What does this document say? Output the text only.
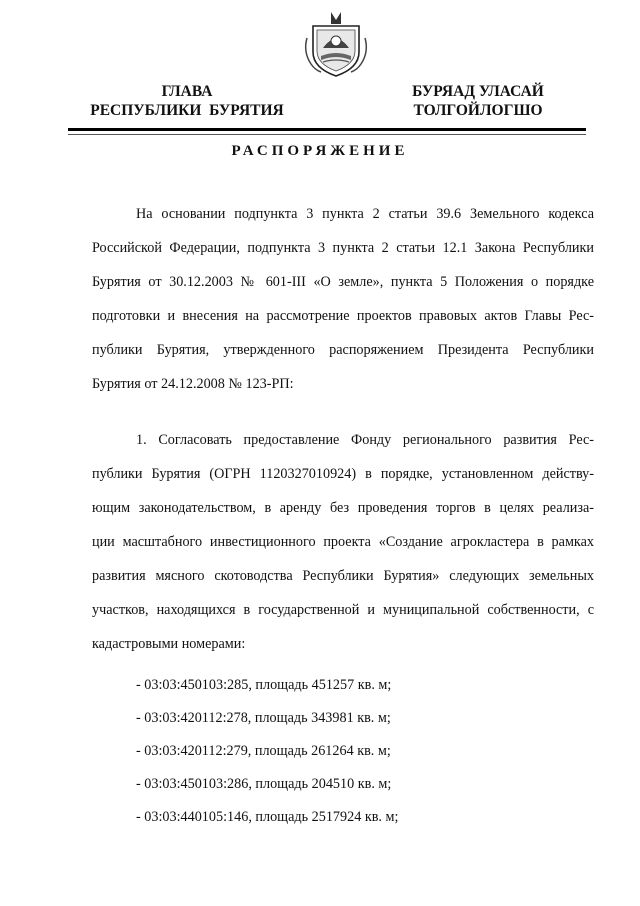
ГЛАВА
РЕСПУБЛИКИ  БУРЯТИЯ
БУРЯАД УЛАСАЙ
ТОЛГОЙЛОГШО
РАСПОРЯЖЕНИЕ
На основании подпункта 3 пункта 2 статьи 39.6 Земельного кодекса
Российской Федерации, подпункта 3 пункта 2 статьи 12.1 Закона Республики
Бурятия от 30.12.2003 № 601-III «О земле», пункта 5 Положения о порядке
подготовки и внесения на рассмотрение проектов правовых актов Главы Рес-
публики Бурятия, утвержденного распоряжением Президента Республики
Бурятия от 24.12.2008 № 123-РП:
1. Согласовать предоставление Фонду регионального развития Рес-
публики Бурятия (ОГРН 1120327010924) в порядке, установленном действу-
ющим законодательством, в аренду без проведения торгов в целях реализа-
ции масштабного инвестиционного проекта «Создание агрокластера в рамках
развития мясного скотоводства Республики Бурятия» следующих земельных
участков, находящихся в государственной и муниципальной собственности, с
кадастровыми номерами:
- 03:03:450103:285, площадь 451257 кв. м;
- 03:03:420112:278, площадь 343981 кв. м;
- 03:03:420112:279, площадь 261264 кв. м;
- 03:03:450103:286, площадь 204510 кв. м;
- 03:03:440105:146, площадь 2517924 кв. м;
